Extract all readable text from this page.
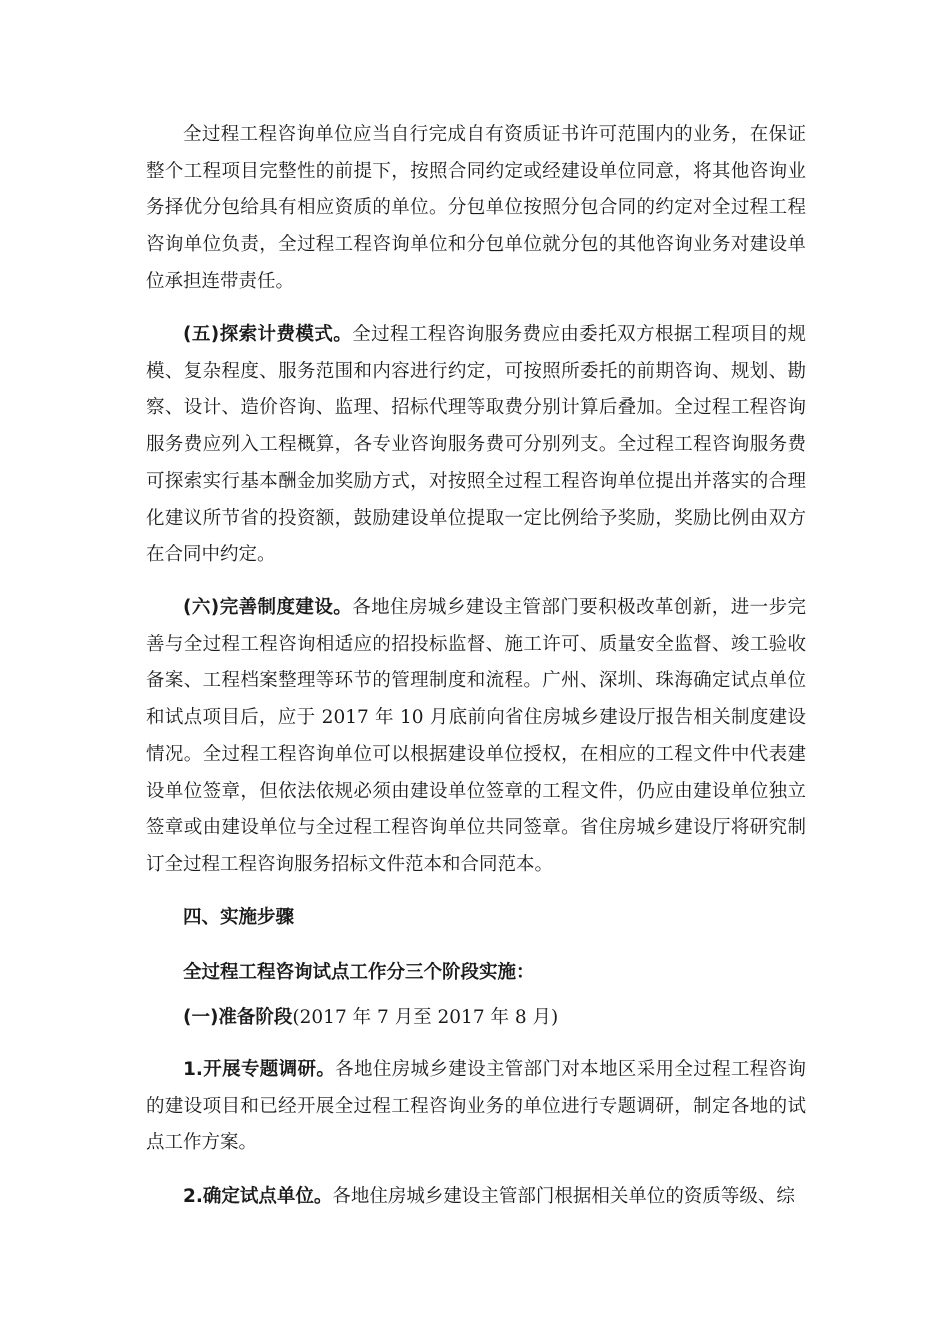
全过程工程咨询单位应当自行完成自有资质证书许可范围内的业务，在保证整个工程项目完整性的前提下，按照合同约定或经建设单位同意，将其他咨询业务择优分包给具有相应资质的单位。分包单位按照分包合同的约定对全过程工程咨询单位负责，全过程工程咨询单位和分包单位就分包的其他咨询业务对建设单位承担连带责任。

(五)探索计费模式。全过程工程咨询服务费应由委托双方根据工程项目的规模、复杂程度、服务范围和内容进行约定，可按照所委托的前期咨询、规划、勘察、设计、造价咨询、监理、招标代理等取费分别计算后叠加。全过程工程咨询服务费应列入工程概算，各专业咨询服务费可分别列支。全过程工程咨询服务费可探索实行基本酬金加奖励方式，对按照全过程工程咨询单位提出并落实的合理化建议所节省的投资额，鼓励建设单位提取一定比例给予奖励，奖励比例由双方在合同中约定。

(六)完善制度建设。各地住房城乡建设主管部门要积极改革创新，进一步完善与全过程工程咨询相适应的招投标监督、施工许可、质量安全监督、竣工验收备案、工程档案整理等环节的管理制度和流程。广州、深圳、珠海确定试点单位和试点项目后，应于 2017 年 10 月底前向省住房城乡建设厅报告相关制度建设情况。全过程工程咨询单位可以根据建设单位授权，在相应的工程文件中代表建设单位签章，但依法依规必须由建设单位签章的工程文件，仍应由建设单位独立签章或由建设单位与全过程工程咨询单位共同签章。省住房城乡建设厅将研究制订全过程工程咨询服务招标文件范本和合同范本。

四、实施步骤

全过程工程咨询试点工作分三个阶段实施：

(一)准备阶段(2017 年 7 月至 2017 年 8 月)

1.开展专题调研。各地住房城乡建设主管部门对本地区采用全过程工程咨询的建设项目和已经开展全过程工程咨询业务的单位进行专题调研，制定各地的试点工作方案。

2.确定试点单位。各地住房城乡建设主管部门根据相关单位的资质等级、综
